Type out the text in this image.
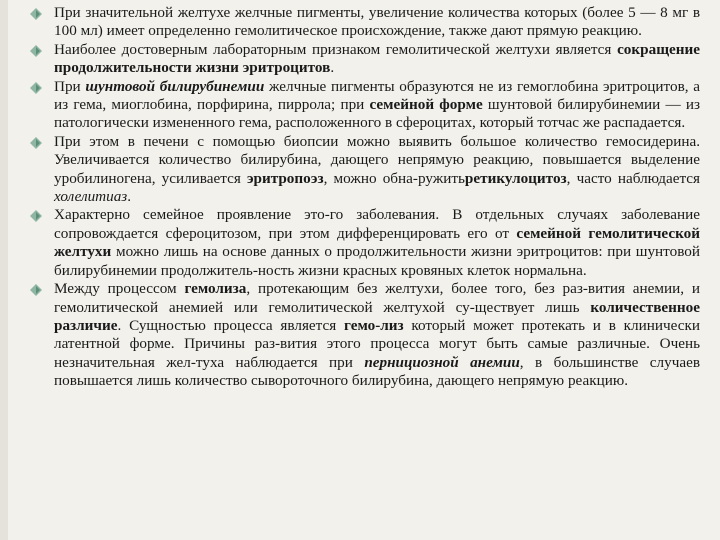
При значительной желтухе желчные пигменты, увеличение количества которых (более 5 — 8 мг в 100 мл) имеет определенно гемолитическое происхождение, также дают прямую реакцию.
Наиболее достоверным лабораторным признаком гемолитической желтухи является сокращение продолжительности жизни эритроцитов.
При шунтовой билирубинемии желчные пигменты образуются не из гемоглобина эритроцитов, а из гема, миоглобина, порфирина, пиррола; при семейной форме шунтовой билирубинемии — из патологически измененного гема, расположенного в сфероцитах, который тотчас же распадается.
При этом в печени с помощью биопсии можно выявить большое количество гемосидерина. Увеличивается количество билирубина, дающего непрямую реакцию, повышается выделение уробилиногена, усиливается эритропоэз, можно обна-ружитьретикулоцитоз, часто наблюдается холелитиаз.
Характерно семейное проявление это-го заболевания. В отдельных случаях заболевание сопровождается сфероцитозом, при этом дифференцировать его от семейной гемолитической желтухи можно лишь на основе данных о продолжительности жизни эритроцитов: при шунтовой билирубинемии продолжитель-ность жизни красных кровяных клеток нормальна.
Между процессом гемолиза, протекающим без желтухи, более того, без раз-вития анемии, и гемолитической анемией или гемолитической желтухой су-ществует лишь количественное различие. Сущностью процесса является гемо-лиз который может протекать и в клинически латентной форме. Причины раз-вития этого процесса могут быть самые различные. Очень незначительная жел-туха наблюдается при пернициозной анемии, в большинстве случаев повышается лишь количество сывороточного билирубина, дающего непрямую реакцию.
